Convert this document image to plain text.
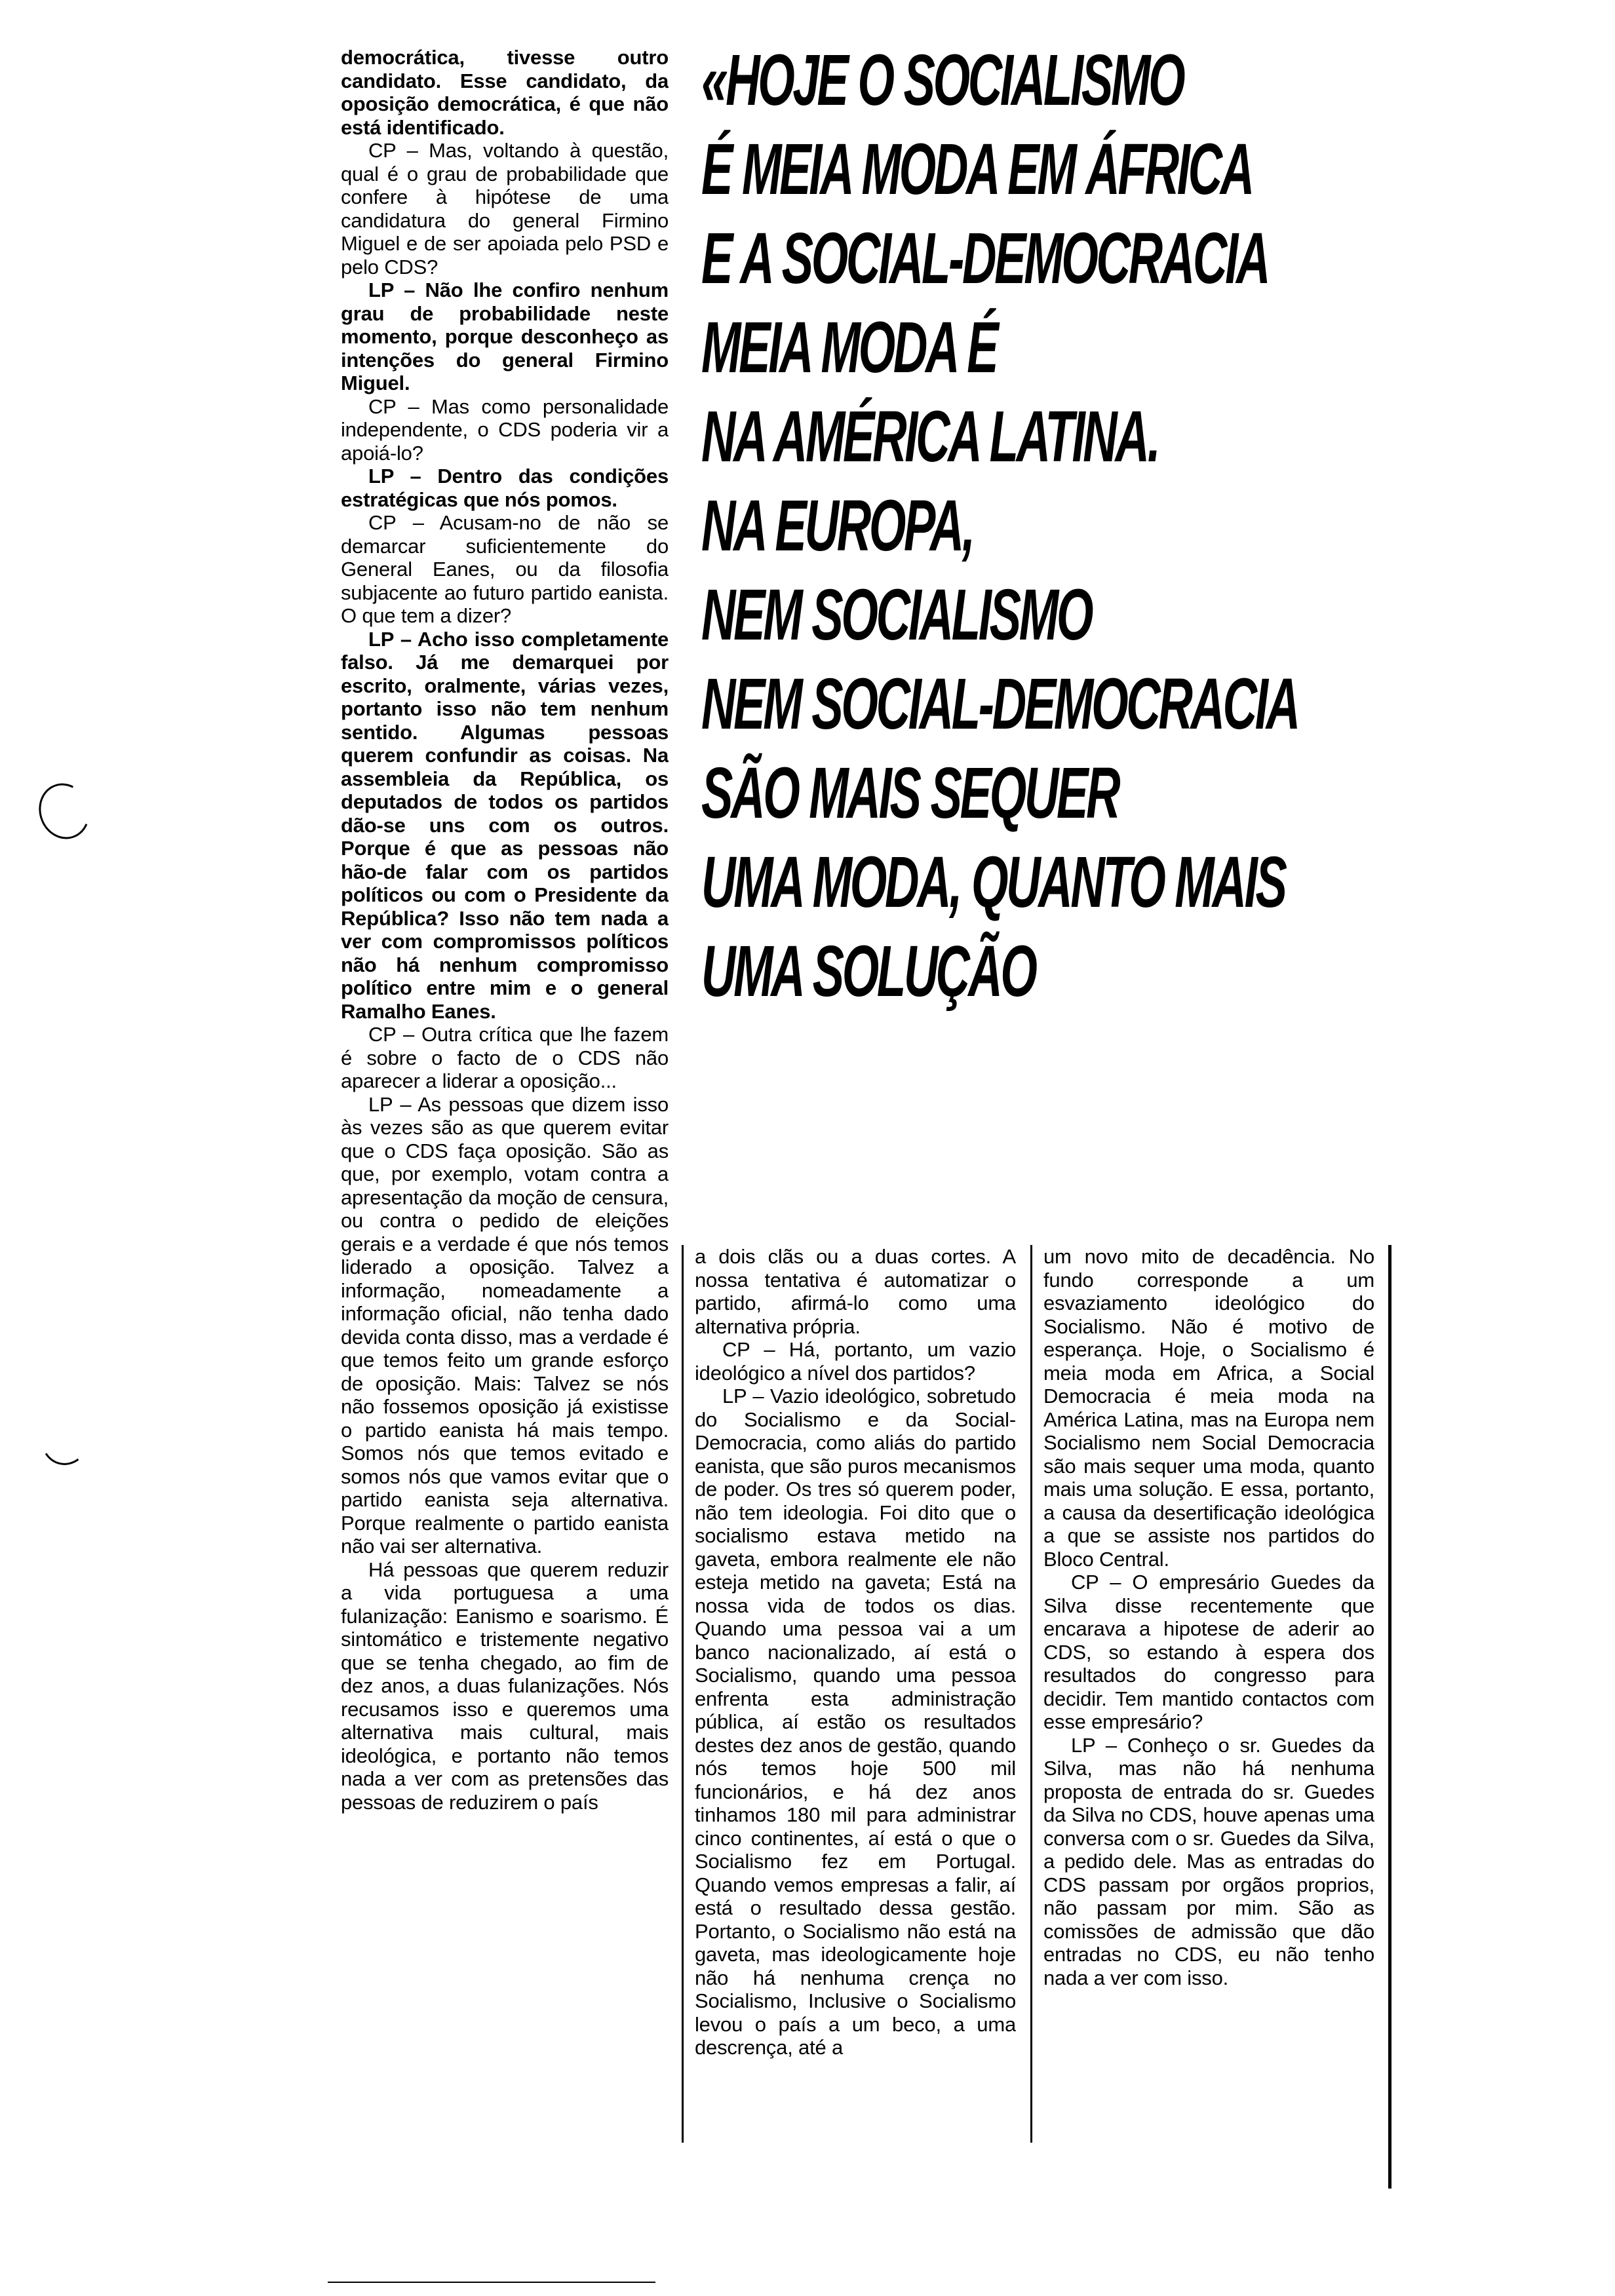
«HOJE O SOCIALISMO
É MEIA MODA EM ÁFRICA
E A SOCIAL-DEMOCRACIA
MEIA MODA É
NA AMÉRICA LATINA.
NA EUROPA,
NEM SOCIALISMO
NEM SOCIAL-DEMOCRACIA
SÃO MAIS SEQUER
UMA MODA, QUANTO MAIS
UMA SOLUÇÃO

democrática, tivesse outro candidato. Esse candidato, da oposição democrática, é que não está identificado.

CP – Mas, voltando à questão, qual é o grau de probabilidade que confere à hipótese de uma candidatura do general Firmino Miguel e de ser apoiada pelo PSD e pelo CDS?

LP – Não lhe confiro nenhum grau de probabilidade neste momento, porque desconheço as intenções do general Firmino Miguel.

CP – Mas como personalidade independente, o CDS poderia vir a apoiá-lo?

LP – Dentro das condições estratégicas que nós pomos.

CP – Acusam-no de não se demarcar suficientemente do General Eanes, ou da filosofia subjacente ao futuro partido eanista. O que tem a dizer?

LP – Acho isso completamente falso. Já me demarquei por escrito, oralmente, várias vezes, portanto isso não tem nenhum sentido. Algumas pessoas querem confundir as coisas. Na assembleia da República, os deputados de todos os partidos dão-se uns com os outros. Porque é que as pessoas não hão-de falar com os partidos políticos ou com o Presidente da República? Isso não tem nada a ver com compromissos políticos não há nenhum compromisso político entre mim e o general Ramalho Eanes.

CP – Outra crítica que lhe fazem é sobre o facto de o CDS não aparecer a liderar a oposição...

LP – As pessoas que dizem isso às vezes são as que querem evitar que o CDS faça oposição. São as que, por exemplo, votam contra a apresentação da moção de censura, ou contra o pedido de eleições gerais e a verdade é que nós temos liderado a oposição. Talvez a informação, nomeadamente a informação oficial, não tenha dado devida conta disso, mas a verdade é que temos feito um grande esforço de oposição. Mais: Talvez se nós não fossemos oposição já existisse o partido eanista há mais tempo. Somos nós que temos evitado e somos nós que vamos evitar que o partido eanista seja alternativa. Porque realmente o partido eanista não vai ser alternativa.

Há pessoas que querem reduzir a vida portuguesa a uma fulanização: Eanismo e soarismo. É sintomático e tristemente negativo que se tenha chegado, ao fim de dez anos, a duas fulanizações. Nós recusamos isso e queremos uma alternativa mais cultural, mais ideológica, e portanto não temos nada a ver com as pretensões das pessoas de reduzirem o país

a dois clãs ou a duas cortes. A nossa tentativa é automatizar o partido, afirmá-lo como uma alternativa própria.

CP – Há, portanto, um vazio ideológico a nível dos partidos?

LP – Vazio ideológico, sobretudo do Socialismo e da Social-Democracia, como aliás do partido eanista, que são puros mecanismos de poder. Os tres só querem poder, não tem ideologia. Foi dito que o socialismo estava metido na gaveta, embora realmente ele não esteja metido na gaveta; Está na nossa vida de todos os dias. Quando uma pessoa vai a um banco nacionalizado, aí está o Socialismo, quando uma pessoa enfrenta esta administração pública, aí estão os resultados destes dez anos de gestão, quando nós temos hoje 500 mil funcionários, e há dez anos tinhamos 180 mil para administrar cinco continentes, aí está o que o Socialismo fez em Portugal. Quando vemos empresas a falir, aí está o resultado dessa gestão. Portanto, o Socialismo não está na gaveta, mas ideologicamente hoje não há nenhuma crença no Socialismo, Inclusive o Socialismo levou o país a um beco, a uma descrença, até a

um novo mito de decadência. No fundo corresponde a um esvaziamento ideológico do Socialismo. Não é motivo de esperança. Hoje, o Socialismo é meia moda em Africa, a Social Democracia é meia moda na América Latina, mas na Europa nem Socialismo nem Social Democracia são mais sequer uma moda, quanto mais uma solução. E essa, portanto, a causa da desertificação ideológica a que se assiste nos partidos do Bloco Central.

CP – O empresário Guedes da Silva disse recentemente que encarava a hipotese de aderir ao CDS, so estando à espera dos resultados do congresso para decidir. Tem mantido contactos com esse empresário?

LP – Conheço o sr. Guedes da Silva, mas não há nenhuma proposta de entrada do sr. Guedes da Silva no CDS, houve apenas uma conversa com o sr. Guedes da Silva, a pedido dele. Mas as entradas do CDS passam por orgãos proprios, não passam por mim. São as comissões de admissão que dão entradas no CDS, eu não tenho nada a ver com isso.
